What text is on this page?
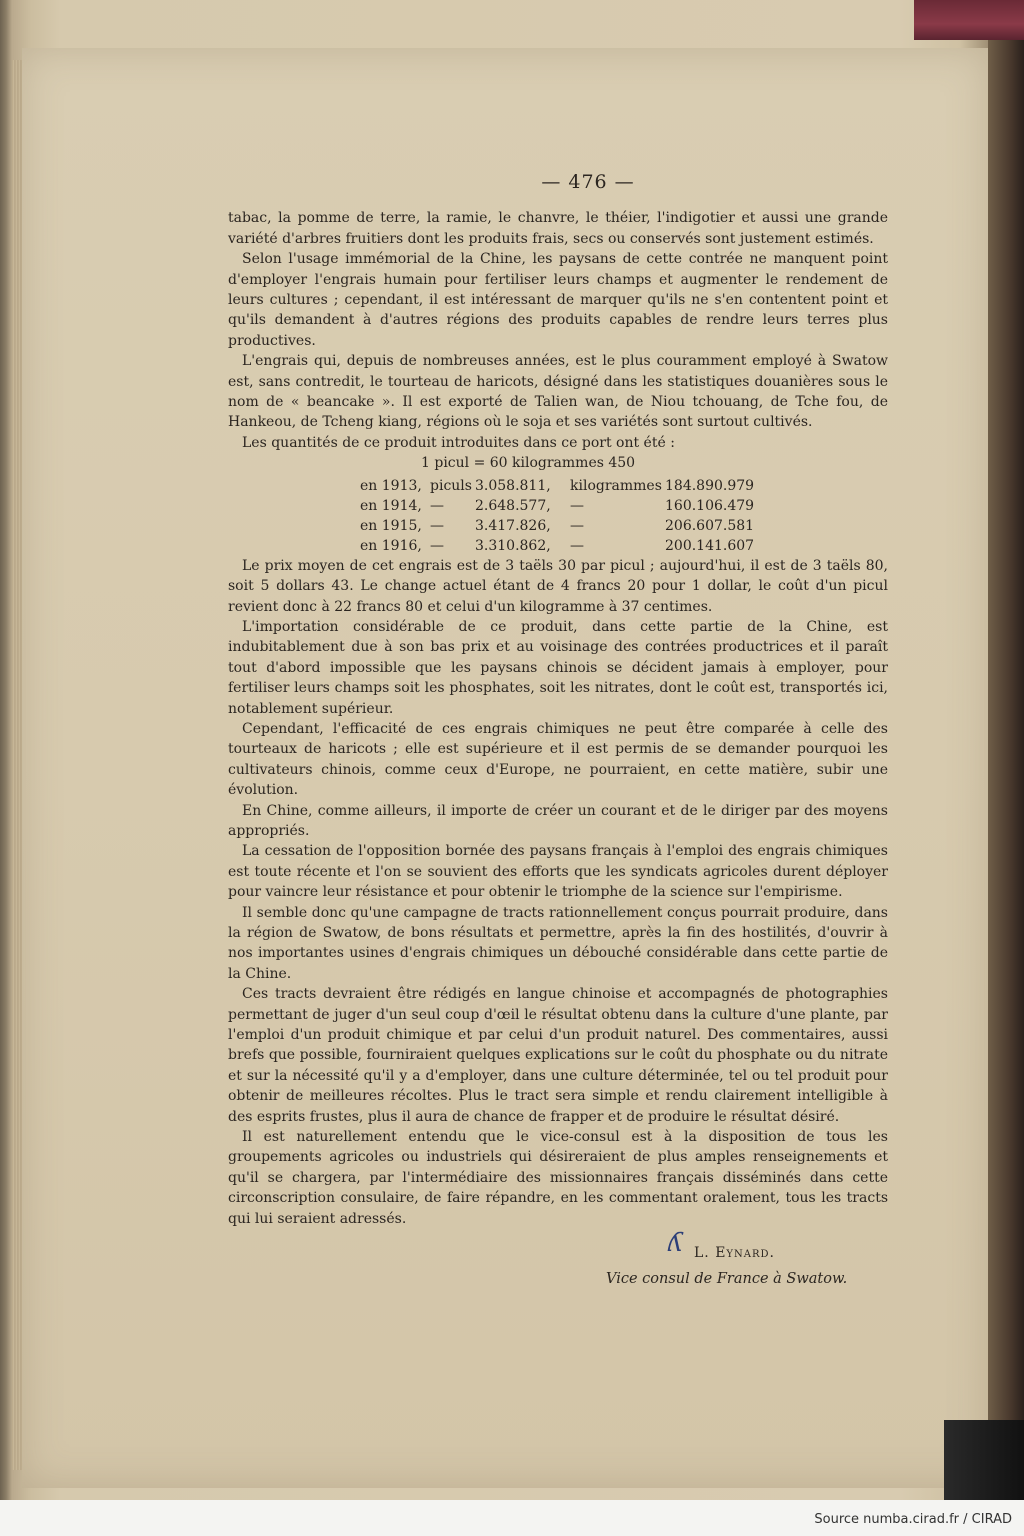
— 476 —

tabac, la pomme de terre, la ramie, le chanvre, le théier, l'indigotier et aussi une grande variété d'arbres fruitiers dont les produits frais, secs ou conservés sont justement estimés.

Selon l'usage immémorial de la Chine, les paysans de cette contrée ne manquent point d'employer l'engrais humain pour fertiliser leurs champs et augmenter le rendement de leurs cultures ; cependant, il est intéressant de marquer qu'ils ne s'en contentent point et qu'ils demandent à d'autres régions des produits capables de rendre leurs terres plus productives.

L'engrais qui, depuis de nombreuses années, est le plus couramment employé à Swatow est, sans contredit, le tourteau de haricots, désigné dans les statistiques douanières sous le nom de « beancake ». Il est exporté de Talien wan, de Niou tchouang, de Tche fou, de Hankeou, de Tcheng kiang, régions où le soja et ses variétés sont surtout cultivés.

Les quantités de ce produit introduites dans ce port ont été :

1 picul = 60 kilogrammes 450

en 1913, piculs 3.058.811,	kilogrammes 184.890.979
en 1914, —	2.648.577,	—	160.106.479
en 1915, —	3.417.826,	—	206.607.581
en 1916, —	3.310.862,	—	200.141.607

Le prix moyen de cet engrais est de 3 taëls 30 par picul ; aujourd'hui, il est de 3 taëls 80, soit 5 dollars 43. Le change actuel étant de 4 francs 20 pour 1 dollar, le coût d'un picul revient donc à 22 francs 80 et celui d'un kilogramme à 37 centimes.

L'importation considérable de ce produit, dans cette partie de la Chine, est indubitablement due à son bas prix et au voisinage des contrées productrices et il paraît tout d'abord impossible que les paysans chinois se décident jamais à employer, pour fertiliser leurs champs soit les phosphates, soit les nitrates, dont le coût est, transportés ici, notablement supérieur.

Cependant, l'efficacité de ces engrais chimiques ne peut être comparée à celle des tourteaux de haricots ; elle est supérieure et il est permis de se demander pourquoi les cultivateurs chinois, comme ceux d'Europe, ne pourraient, en cette matière, subir une évolution.

En Chine, comme ailleurs, il importe de créer un courant et de le diriger par des moyens appropriés.

La cessation de l'opposition bornée des paysans français à l'emploi des engrais chimiques est toute récente et l'on se souvient des efforts que les syndicats agricoles durent déployer pour vaincre leur résistance et pour obtenir le triomphe de la science sur l'empirisme.

Il semble donc qu'une campagne de tracts rationnellement conçus pourrait produire, dans la région de Swatow, de bons résultats et permettre, après la fin des hostilités, d'ouvrir à nos importantes usines d'engrais chimiques un débouché considérable dans cette partie de la Chine.

Ces tracts devraient être rédigés en langue chinoise et accompagnés de photographies permettant de juger d'un seul coup d'œil le résultat obtenu dans la culture d'une plante, par l'emploi d'un produit chimique et par celui d'un produit naturel. Des commentaires, aussi brefs que possible, fourniraient quelques explications sur le coût du phosphate ou du nitrate et sur la nécessité qu'il y a d'employer, dans une culture déterminée, tel ou tel produit pour obtenir de meilleures récoltes. Plus le tract sera simple et rendu clairement intelligible à des esprits frustes, plus il aura de chance de frapper et de produire le résultat désiré.

Il est naturellement entendu que le vice-consul est à la disposition de tous les groupements agricoles ou industriels qui désireraient de plus amples renseignements et qu'il se chargera, par l'intermédiaire des missionnaires français disséminés dans cette circonscription consulaire, de faire répandre, en les commentant oralement, tous les tracts qui lui seraient adressés.

ʎ L. Eynard.
Vice consul de France à Swatow.
Source numba.cirad.fr / CIRAD
